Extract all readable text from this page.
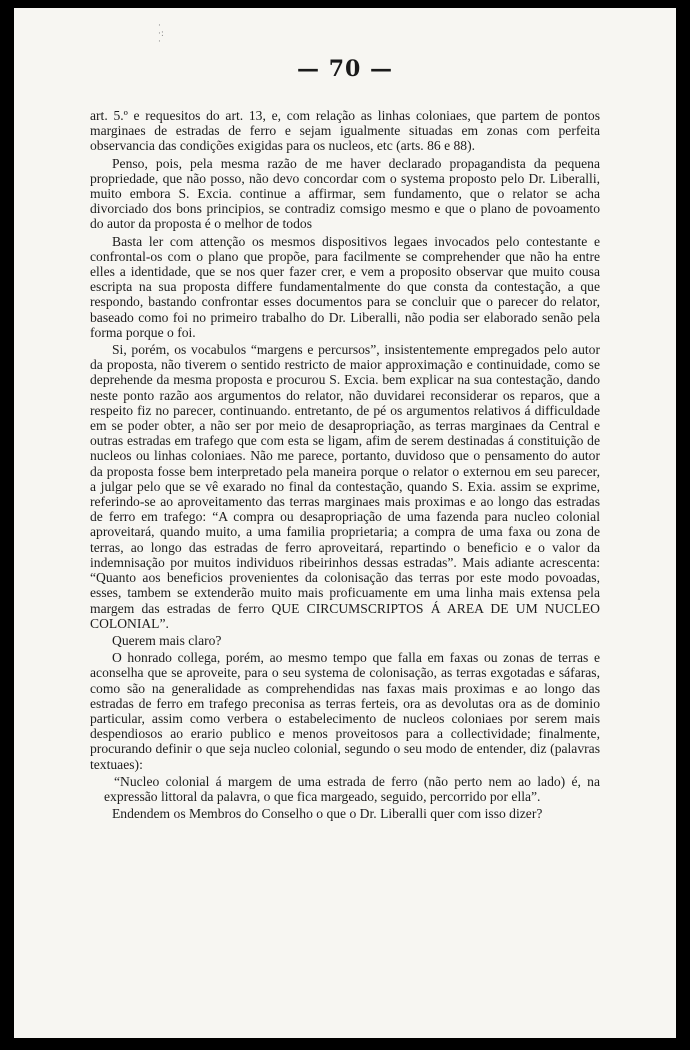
·
·:
·
— 70 —

art. 5.º e requesitos do art. 13, e, com relação as linhas coloniaes, que partem de pontos marginaes de estradas de ferro e sejam igualmente situadas em zonas com perfeita observancia das condições exigidas para os nucleos, etc (arts. 86 e 88).

Penso, pois, pela mesma razão de me haver declarado propagandista da pequena propriedade, que não posso, não devo concordar com o systema proposto pelo Dr. Liberalli, muito embora S. Excia. continue a affirmar, sem fundamento, que o relator se acha divorciado dos bons principios, se contradiz comsigo mesmo e que o plano de povoamento do autor da proposta é o melhor de todos

Basta ler com attenção os mesmos dispositivos legaes invocados pelo contestante e confrontal-os com o plano que propõe, para facilmente se comprehender que não ha entre elles a identidade, que se nos quer fazer crer, e vem a proposito observar que muito cousa escripta na sua proposta differe fundamentalmente do que consta da contestação, a que respondo, bastando confrontar esses documentos para se concluir que o parecer do relator, baseado como foi no primeiro trabalho do Dr. Liberalli, não podia ser elaborado senão pela forma porque o foi.

Si, porém, os vocabulos “margens e percursos”, insistentemente empregados pelo autor da proposta, não tiverem o sentido restricto de maior approximação e continuidade, como se deprehende da mesma proposta e procurou S. Excia. bem explicar na sua contestação, dando neste ponto razão aos argumentos do relator, não duvidarei reconsiderar os reparos, que a respeito fiz no parecer, continuando. entretanto, de pé os argumentos relativos á difficuldade em se poder obter, a não ser por meio de desapropriação, as terras marginaes da Central e outras estradas em trafego que com esta se ligam, afim de serem destinadas á constituição de nucleos ou linhas coloniaes. Não me parece, portanto, duvidoso que o pensamento do autor da proposta fosse bem interpretado pela maneira porque o relator o externou em seu parecer, a julgar pelo que se vê exarado no final da contestação, quando S. Exia. assim se exprime, referindo-se ao aproveitamento das terras marginaes mais proximas e ao longo das estradas de ferro em trafego: “A compra ou desapropriação de uma fazenda para nucleo colonial aproveitará, quando muito, a uma familia proprietaria; a compra de uma faxa ou zona de terras, ao longo das estradas de ferro aproveitará, repartindo o beneficio e o valor da indemnisação por muitos individuos ribeirinhos dessas estradas”. Mais adiante acrescenta: “Quanto aos beneficios provenientes da colonisação das terras por este modo povoadas, esses, tambem se extenderão muito mais proficuamente em uma linha mais extensa pela margem das estradas de ferro QUE CIRCUMSCRIPTOS Á AREA DE UM NUCLEO COLONIAL”.

Querem mais claro?

O honrado collega, porém, ao mesmo tempo que falla em faxas ou zonas de terras e aconselha que se aproveite, para o seu systema de colonisação, as terras exgotadas e sáfaras, como são na generalidade as comprehendidas nas faxas mais proximas e ao longo das estradas de ferro em trafego preconisa as terras ferteis, ora as devolutas ora as de dominio particular, assim como verbera o estabelecimento de nucleos coloniaes por serem mais despendiosos ao erario publico e menos proveitosos para a collectividade; finalmente, procurando definir o que seja nucleo colonial, segundo o seu modo de entender, diz (palavras textuaes):

“Nucleo colonial á margem de uma estrada de ferro (não perto nem ao lado) é, na expressão littoral da palavra, o que fica margeado, seguido, percorrido por ella”.

Endendem os Membros do Conselho o que o Dr. Liberalli quer com isso dizer?
